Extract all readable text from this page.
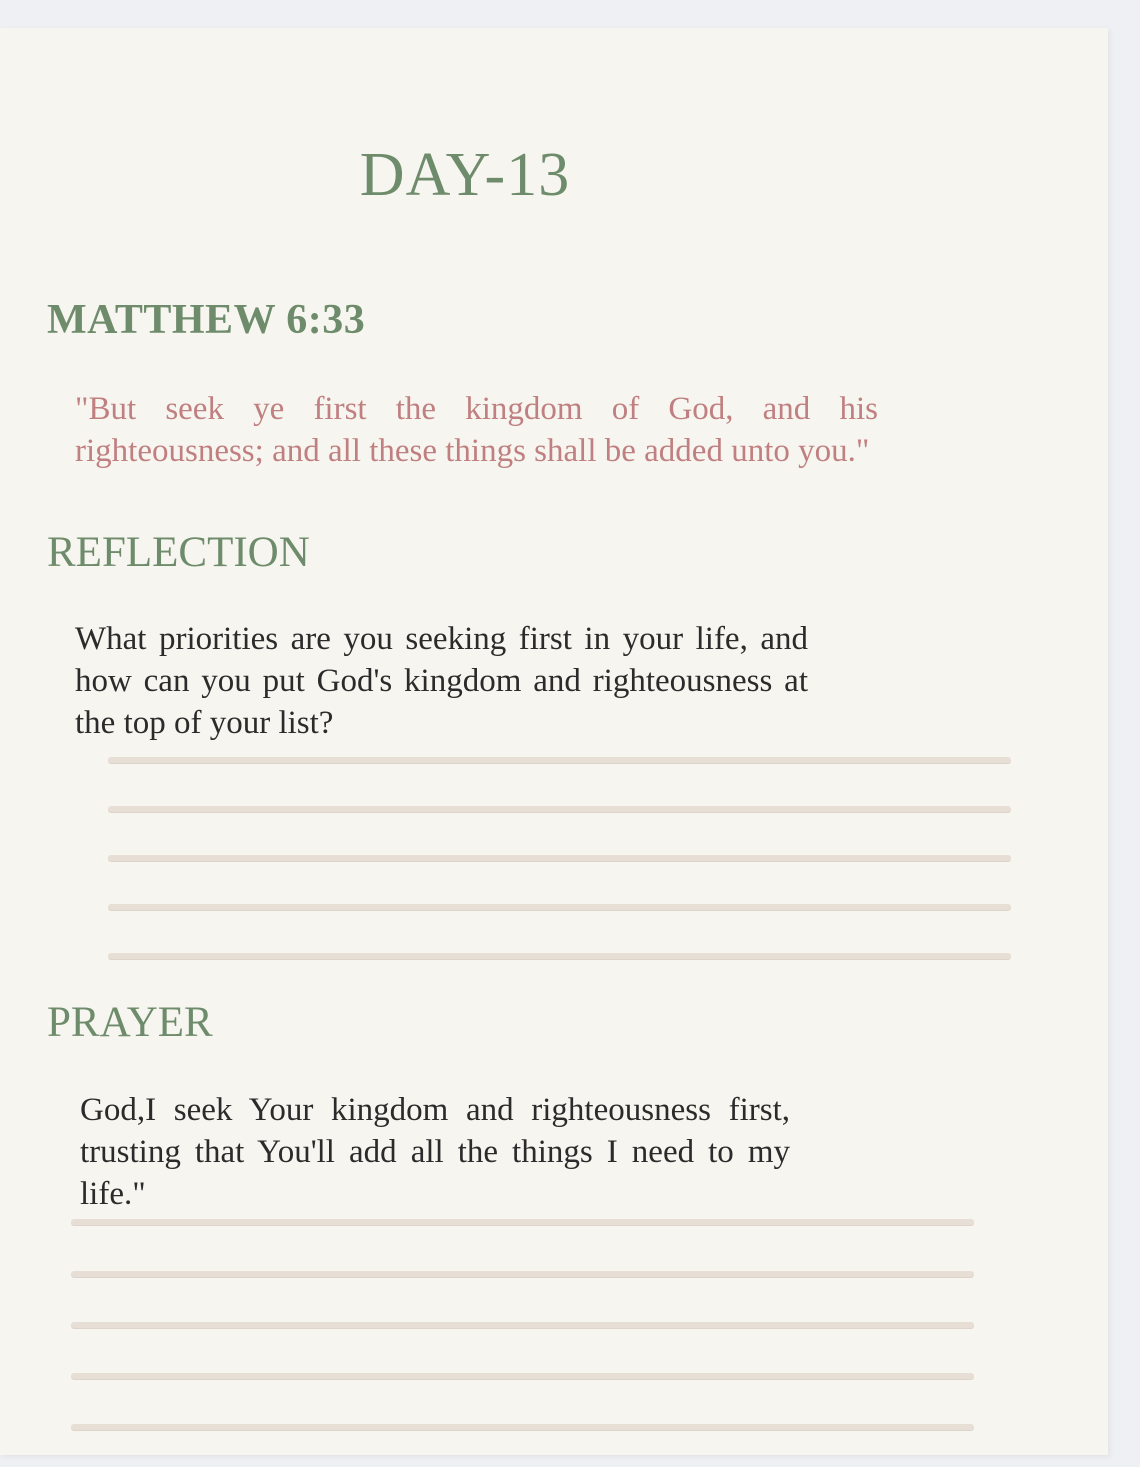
DAY-13
MATTHEW 6:33

"But seek ye first the kingdom of God, and his righteousness; and all these things shall be added unto you."

REFLECTION

What priorities are you seeking first in your life, and how can you put God's kingdom and righteousness at the top of your list?

PRAYER

God,I seek Your kingdom and righteousness first, trusting that You'll add all the things I need to my life."
